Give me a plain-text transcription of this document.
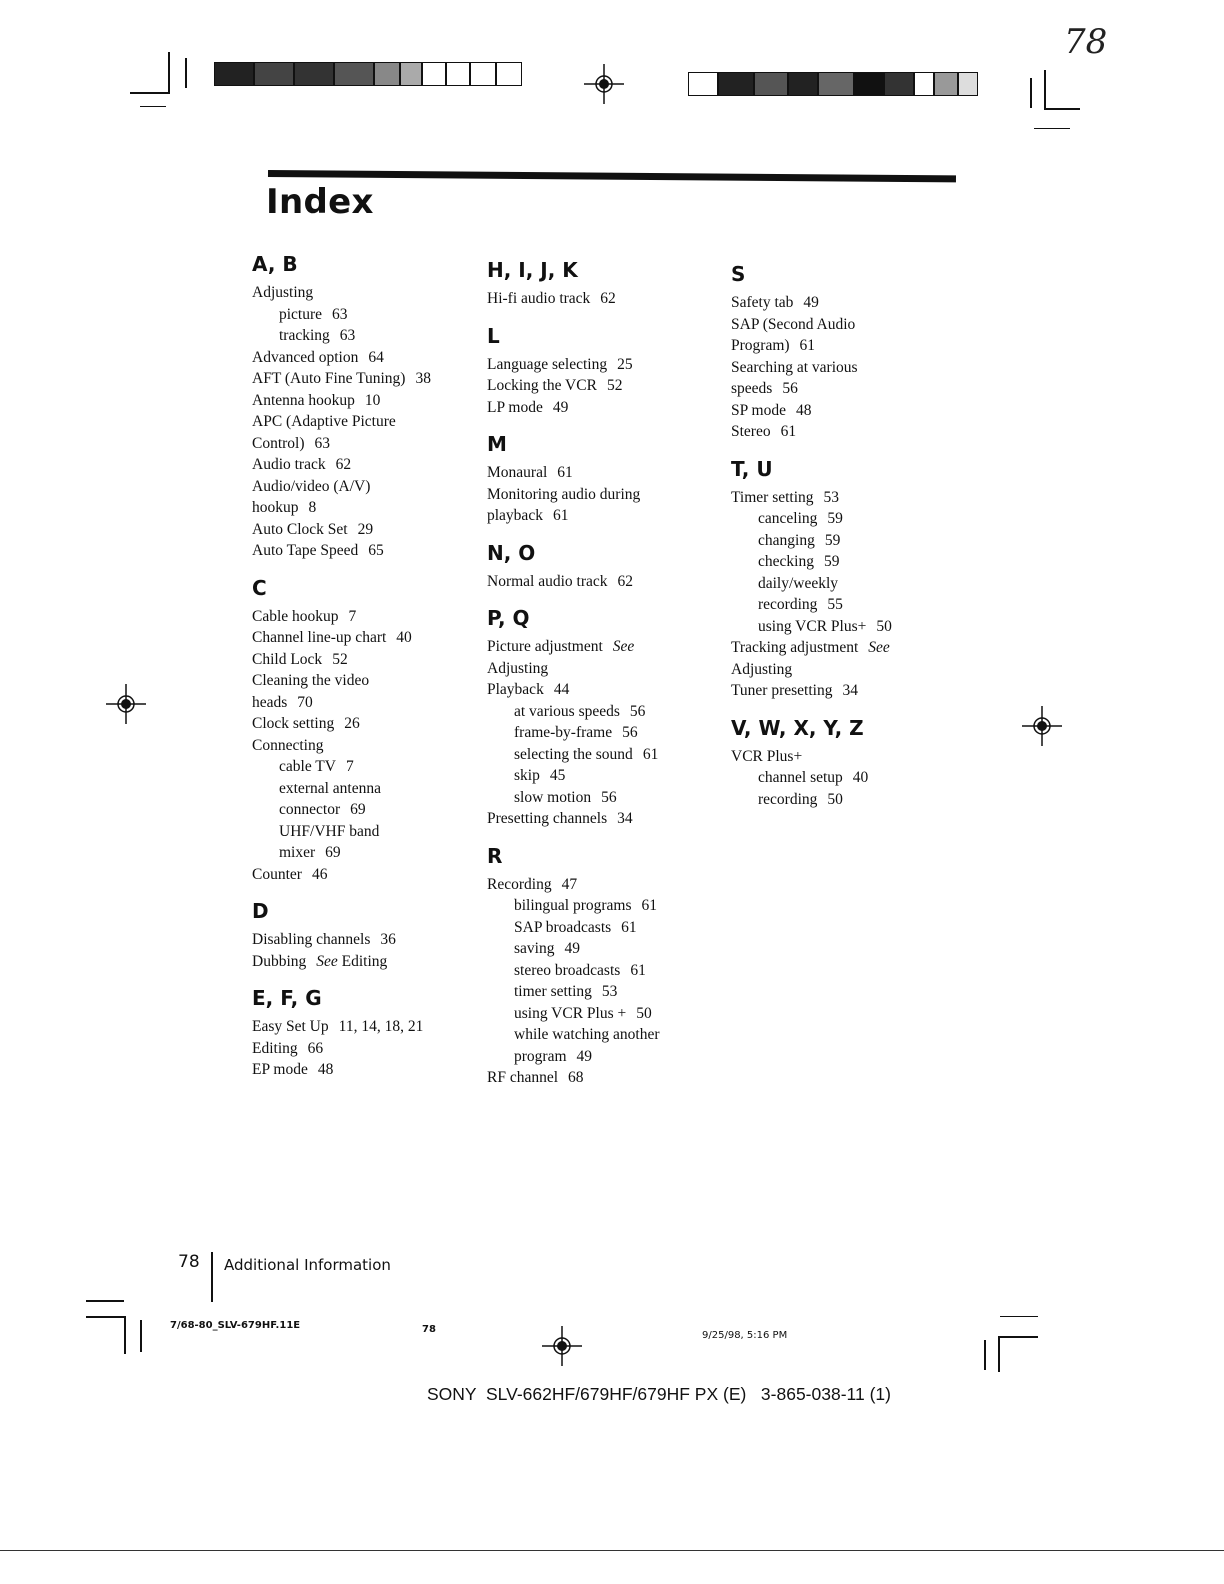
78
Index
A, B
Adjusting
picture 63
tracking 63
Advanced option 64
AFT (Auto Fine Tuning) 38
Antenna hookup 10
APC (Adaptive Picture
Control) 63
Audio track 62
Audio/video (A/V)
hookup 8
Auto Clock Set 29
Auto Tape Speed 65
C
Cable hookup 7
Channel line-up chart 40
Child Lock 52
Cleaning the video
heads 70
Clock setting 26
Connecting
cable TV 7
external antenna
connector 69
UHF/VHF band
mixer 69
Counter 46
D
Disabling channels 36
Dubbing See Editing
E, F, G
Easy Set Up 11, 14, 18, 21
Editing 66
EP mode 48
H, I, J, K
Hi-fi audio track 62
L
Language selecting 25
Locking the VCR 52
LP mode 49
M
Monaural 61
Monitoring audio during
playback 61
N, O
Normal audio track 62
P, Q
Picture adjustment See
Adjusting
Playback 44
at various speeds 56
frame-by-frame 56
selecting the sound 61
skip 45
slow motion 56
Presetting channels 34
R
Recording 47
bilingual programs 61
SAP broadcasts 61
saving 49
stereo broadcasts 61
timer setting 53
using VCR Plus + 50
while watching another
program 49
RF channel 68
S
Safety tab 49
SAP (Second Audio
Program) 61
Searching at various
speeds 56
SP mode 48
Stereo 61
T, U
Timer setting 53
canceling 59
changing 59
checking 59
daily/weekly
recording 55
using VCR Plus+ 50
Tracking adjustment See
Adjusting
Tuner presetting 34
V, W, X, Y, Z
VCR Plus+
channel setup 40
recording 50
78 Additional Information
7/68-80_SLV-679HF.11E	78
9/25/98, 5:16 PM
SONY  SLV-662HF/679HF/679HF PX (E)   3-865-038-11 (1)
